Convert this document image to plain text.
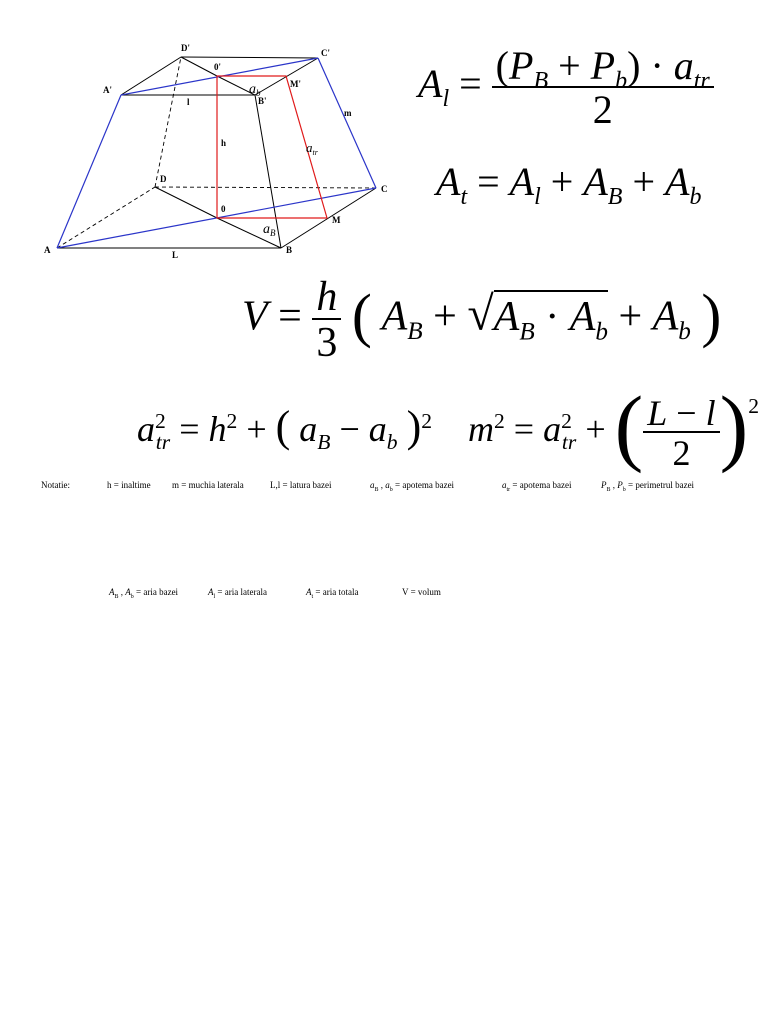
A	B
C
D
A'
B'
C'
D'
0
0'
M
M'
l
L
h
m
$a_b$
$a_B$
$a_{tr}$
$A_l = \frac{(P_B + P_b) \cdot a_{tr}}{2}$
$A_t = A_l + A_B + A_b$
$V = \frac{h}{3}$ ( $A_B + √A_B \cdot A_b + A_b$ )
$a^2_{tr} = h^2$ + ( $a_B - a_b$ )$^2$ $m^2 = a^2_{tr}$ + ( $\frac{L - l}{2} )^2$
Notatie:	h = inaltime m = muchia laterala	L,l = latura bazei	$a_B$ , $a_b$ = apotema bazei	$a_{tr}$ = apotema bazei	$P_B$ , $P_b$ = perimetrul bazei
$A_B$ , $A_b$ = aria bazei	$A_l$ = aria laterala	$A_t$ = aria totala	V = volum
